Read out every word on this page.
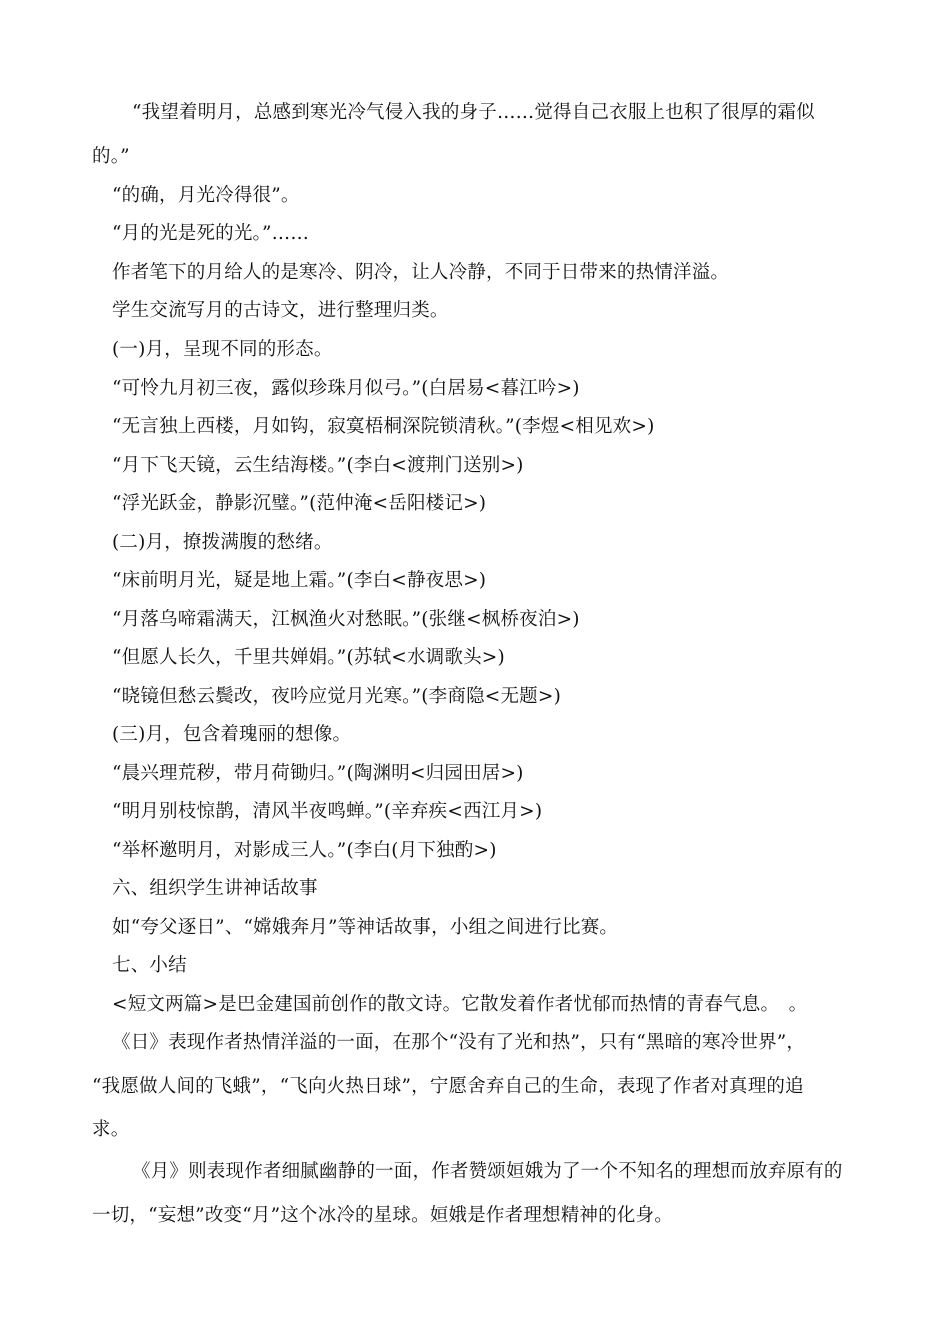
“我望着明月，总感到寒光冷气侵入我的身子……觉得自己衣服上也积了很厚的霜似
的。”
“的确，月光冷得很”。
“月的光是死的光。”……
作者笔下的月给人的是寒冷、阴冷，让人冷静，不同于日带来的热情洋溢。
学生交流写月的古诗文，进行整理归类。
(一)月，呈现不同的形态。
“可怜九月初三夜，露似珍珠月似弓。”(白居易<暮江吟>)
“无言独上西楼，月如钩，寂寞梧桐深院锁清秋。”(李煜<相见欢>)
“月下飞天镜，云生结海楼。”(李白<渡荆门送别>)
“浮光跃金，静影沉璧。”(范仲淹<岳阳楼记>)
(二)月，撩拨满腹的愁绪。
“床前明月光，疑是地上霜。”(李白<静夜思>)
“月落乌啼霜满天，江枫渔火对愁眠。”(张继<枫桥夜泊>)
“但愿人长久，千里共婵娟。”(苏轼<水调歌头>)
“晓镜但愁云鬓改，夜吟应觉月光寒。”(李商隐<无题>)
(三)月，包含着瑰丽的想像。
“晨兴理荒秽，带月荷锄归。”(陶渊明<归园田居>)
“明月别枝惊鹊，清风半夜鸣蝉。”(辛弃疾<西江月>)
“举杯邀明月，对影成三人。”(李白(月下独酌>)
六、组织学生讲神话故事
如“夸父逐日”、“嫦娥奔月”等神话故事，小组之间进行比赛。
七、小结
<短文两篇>是巴金建国前创作的散文诗。它散发着作者忧郁而热情的青春气息。　。
《日》表现作者热情洋溢的一面，在那个“没有了光和热”，只有“黑暗的寒冷世界”，
“我愿做人间的飞蛾”，“飞向火热日球”，宁愿舍弃自己的生命，表现了作者对真理的追
求。
《月》则表现作者细腻幽静的一面，作者赞颂姮娥为了一个不知名的理想而放弃原有的
一切，“妄想”改变“月”这个冰冷的星球。姮娥是作者理想精神的化身。
